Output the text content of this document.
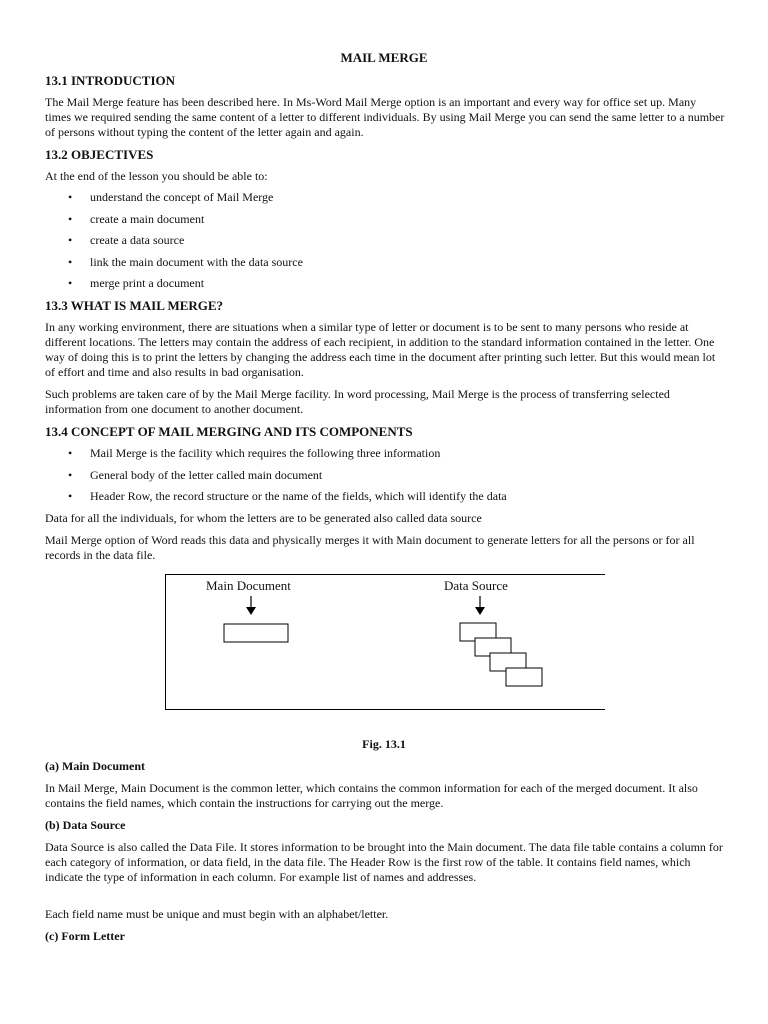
MAIL MERGE
13.1 INTRODUCTION

The Mail Merge feature has been described here. In Ms-Word Mail Merge option is an important and every way for office set up. Many times we required sending the same content of a letter to different individuals. By using Mail Merge you can send the same letter to a number of persons without typing the content of the letter again and again.

13.2 OBJECTIVES

At the end of the lesson you should be able to:

• understand the concept of Mail Merge
• create a main document
• create a data source
• link the main document with the data source
• merge print a document
13.3 WHAT IS MAIL MERGE?

In any working environment, there are situations when a similar type of letter or document is to be sent to many persons who reside at different locations. The letters may contain the address of each recipient, in addition to the standard information contained in the letter. One way of doing this is to print the letters by changing the address each time in the document after printing such letter. But this would mean lot of effort and time and also results in bad organisation.

Such problems are taken care of by the Mail Merge facility. In word processing, Mail Merge is the process of transferring selected information from one document to another document.

13.4 CONCEPT OF MAIL MERGING AND ITS COMPONENTS
• Mail Merge is the facility which requires the following three information
• General body of the letter called main document
• Header Row, the record structure or the name of the fields, which will identify the data

Data for all the individuals, for whom the letters are to be generated also called data source

Mail Merge option of Word reads this data and physically merges it with Main document to generate letters for all the persons or for all records in the data file.

Main Document	Data Source

Fig. 13.1

(a) Main Document

In Mail Merge, Main Document is the common letter, which contains the common information for each of the merged document. It also contains the field names, which contain the instructions for carrying out the merge.

(b) Data Source

Data Source is also called the Data File. It stores information to be brought into the Main document. The data file table contains a column for each category of information, or data field, in the data file. The Header Row is the first row of the table. It contains field names, which indicate the type of information in each column. For example list of names and addresses.

Each field name must be unique and must begin with an alphabet/letter.

(c) Form Letter
